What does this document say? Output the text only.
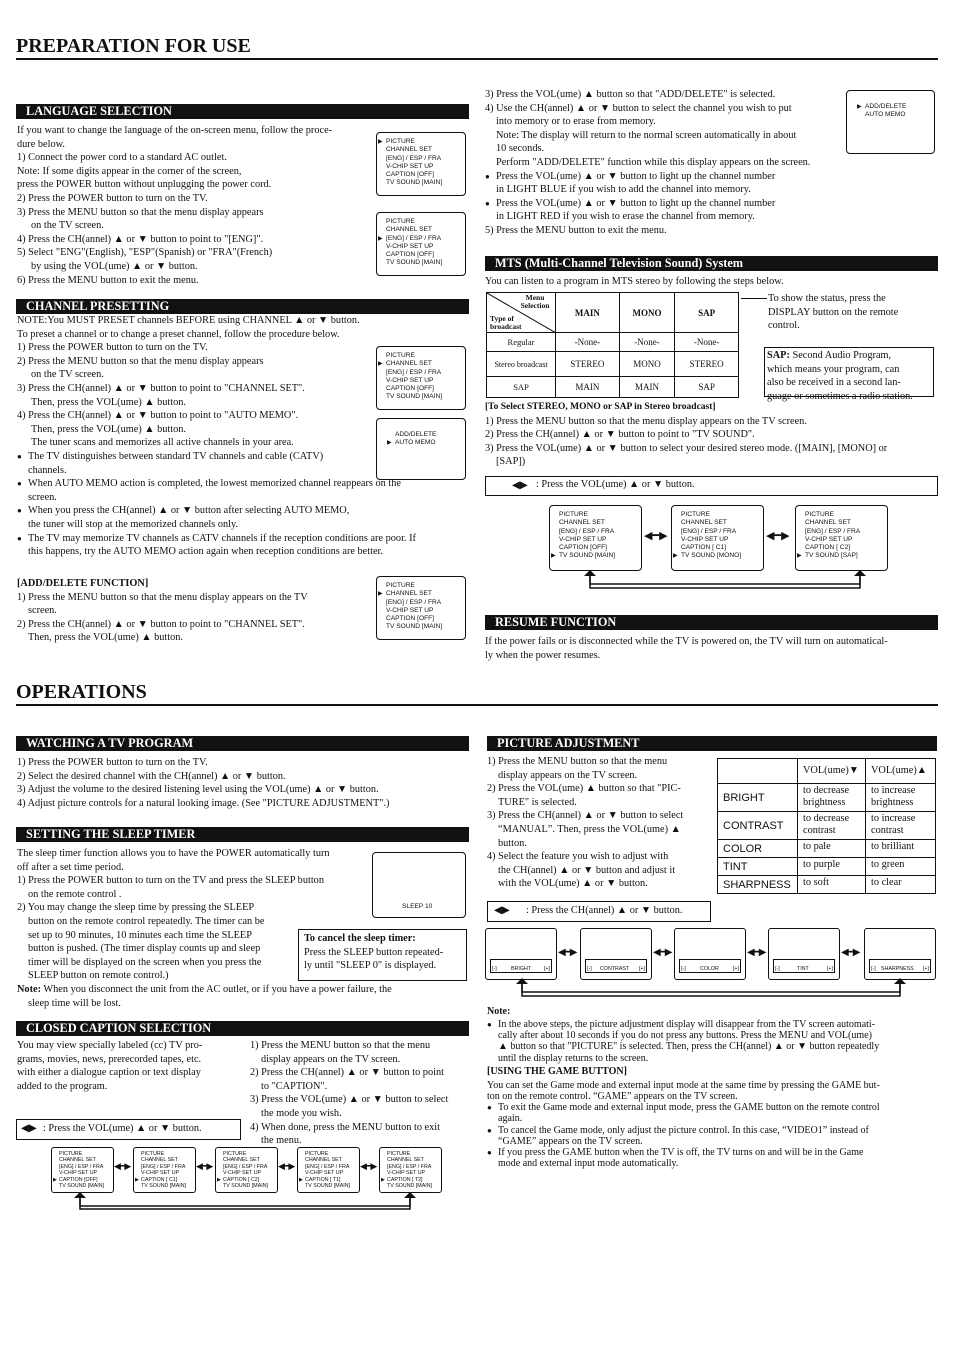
PREPARATION FOR USE
LANGUAGE SELECTION
If you want to change the language of the on-screen menu, follow the proce-
dure below.
1) Connect the power cord to a standard AC outlet.
Note: If some digits appear in the corner of the screen,
press the POWER button without unplugging the power cord.
2) Press the POWER button to turn on the TV.
3) Press the MENU button so that the menu display appears
on the TV screen.
4) Press the CH(annel) ▲ or ▼ button to point to "[ENG]".
5) Select "ENG"(English), "ESP"(Spanish) or "FRA"(French)
by using the VOL(ume) ▲ or ▼ button.
6) Press the MENU button to exit the menu.
▶ PICTURE
CHANNEL SET
[ENG] / ESP / FRA
V-CHIP SET UP
CAPTION [OFF]
TV SOUND [MAIN]
PICTURE
CHANNEL SET
▶ [ENG] / ESP / FRA
V-CHIP SET UP
CAPTION [OFF]
TV SOUND [MAIN]
CHANNEL PRESETTING
NOTE:You MUST PRESET channels BEFORE using CHANNEL ▲ or ▼ button.
To preset a channel or to change a preset channel, follow the procedure below.
1) Press the POWER button to turn on the TV.
2) Press the MENU button so that the menu display appears
on the TV screen.
3) Press the CH(annel) ▲ or ▼ button to point to "CHANNEL SET".
Then, press the VOL(ume) ▲ button.
4) Press the CH(annel) ▲ or ▼ button to point to "AUTO MEMO".
Then, press the VOL(ume) ▲ button.
The tuner scans and memorizes all active channels in your area.
● The TV distinguishes between standard TV channels and cable (CATV)
channels.
● When AUTO MEMO action is completed, the lowest memorized channel reappears on the
screen.
● When you press the CH(annel) ▲ or ▼ button after selecting AUTO MEMO,
the tuner will stop at the memorized channels only.
● The TV may memorize TV channels as CATV channels if the reception conditions are poor. If
this happens, try the AUTO MEMO action again when reception conditions are better.
PICTURE
▶ CHANNEL SET
[ENG] / ESP / FRA
V-CHIP SET UP
CAPTION [OFF]
TV SOUND [MAIN]
ADD/DELETE
▶ AUTO MEMO
[ADD/DELETE FUNCTION]
1) Press the MENU button so that the menu display appears on the TV
screen.
2) Press the CH(annel) ▲ or ▼ button to point to "CHANNEL SET".
Then, press the VOL(ume) ▲ button.
PICTURE
▶ CHANNEL SET
[ENG] / ESP / FRA
V-CHIP SET UP
CAPTION [OFF]
TV SOUND [MAIN]
3) Press the VOL(ume) ▲ button so that "ADD/DELETE" is selected.
4) Use the CH(annel) ▲ or ▼ button to select the channel you wish to put
into memory or to erase from memory.
Note: The display will return to the normal screen automatically in about
10 seconds.
Perform "ADD/DELETE" function while this display appears on the screen.
● Press the VOL(ume) ▲ or ▼ button to light up the channel number
in LIGHT BLUE if you wish to add the channel into memory.
● Press the VOL(ume) ▲ or ▼ button to light up the channel number
in LIGHT RED if you wish to erase the channel from memory.
5) Press the MENU button to exit the menu.
▶ ADD/DELETE
AUTO MEMO
MTS (Multi-Channel Television Sound) System
You can listen to a program in MTS stereo by following the steps below.
Menu Selection
Type of broadcast	MAIN	MONO	SAP
Regular	-None-	-None-	-None-
Stereo broadcast	STEREO	MONO	STEREO
SAP	MAIN	MAIN	SAP
To show the status, press the
DISPLAY button on the remote
control.
SAP: Second Audio Program,
which means your program, can
also be received in a second lan-
guage or sometimes a radio station.
[To Select STEREO, MONO or SAP in Stereo broadcast]
1) Press the MENU button so that the menu display appears on the TV screen.
2) Press the CH(annel) ▲ or ▼ button to point to "TV SOUND".
3) Press the VOL(ume) ▲ or ▼ button to select your desired stereo mode. ([MAIN], [MONO] or
[SAP])
◀▶ : Press the VOL(ume) ▲ or ▼ button.
PICTURE
CHANNEL SET
[ENG] / ESP / FRA
V-CHIP SET UP
CAPTION [OFF]
▶ TV SOUND [MAIN]
◀━▶
PICTURE
CHANNEL SET
[ENG] / ESP / FRA
V-CHIP SET UP
CAPTION [ C1]
▶ TV SOUND [MONO]
◀━▶
PICTURE
CHANNEL SET
[ENG] / ESP / FRA
V-CHIP SET UP
CAPTION [ C2]
▶ TV SOUND [SAP]
RESUME FUNCTION
If the power fails or is disconnected while the TV is powered on, the TV will turn on automatical-
ly when the power resumes.
OPERATIONS
WATCHING A TV PROGRAM
1) Press the POWER button to turn on the TV.
2) Select the desired channel with the CH(annel) ▲ or ▼ button.
3) Adjust the volume to the desired listening level using the VOL(ume) ▲ or ▼ button.
4) Adjust picture controls for a natural looking image. (See "PICTURE ADJUSTMENT".)
SETTING THE SLEEP TIMER
The sleep timer function allows you to have the POWER automatically turn
off after a set time period.
1) Press the POWER button to turn on the TV and press the SLEEP button
on the remote control .
2) You may change the sleep time by pressing the SLEEP
button on the remote control repeatedly. The timer can be
set up to 90 minutes, 10 minutes each time the SLEEP
button is pushed. (The timer display counts up and sleep
timer will be displayed on the screen when you press the
SLEEP button on remote control.)
Note: When you disconnect the unit from the AC outlet, or if you have a power failure, the
sleep time will be lost.
SLEEP 10
To cancel the sleep timer:
Press the SLEEP button repeated-
ly until "SLEEP 0" is displayed.
CLOSED CAPTION SELECTION
You may view specially labeled (cc) TV pro-
grams, movies, news, prerecorded tapes, etc.
with either a dialogue caption or text display
added to the program.
1) Press the MENU button so that the menu
display appears on the TV screen.
2) Press the CH(annel) ▲ or ▼ button to point
to "CAPTION".
3) Press the VOL(ume) ▲ or ▼ button to select
the mode you wish.
4) When done, press the MENU button to exit
the menu.
◀▶ : Press the VOL(ume) ▲ or ▼ button.
PICTURE
CHANNEL SET
[ENG] / ESP / FRA
V-CHIP SET UP
▶ CAPTION [OFF]
TV SOUND [MAIN]
◀━▶
PICTURE
CHANNEL SET
[ENG] / ESP / FRA
V-CHIP SET UP
▶ CAPTION [ C1]
TV SOUND [MAIN]
◀━▶
PICTURE
CHANNEL SET
[ENG] / ESP / FRA
V-CHIP SET UP
▶ CAPTION [ C2]
TV SOUND [MAIN]
◀━▶
PICTURE
CHANNEL SET
[ENG] / ESP / FRA
V-CHIP SET UP
▶ CAPTION [ T1]
TV SOUND [MAIN]
◀━▶
PICTURE
CHANNEL SET
[ENG] / ESP / FRA
V-CHIP SET UP
▶ CAPTION [ T2]
TV SOUND [MAIN]
PICTURE ADJUSTMENT
1) Press the MENU button so that the menu
display appears on the TV screen.
2) Press the VOL(ume) ▲ button so that "PIC-
TURE" is selected.
3) Press the CH(annel) ▲ or ▼ button to select
“MANUAL”. Then, press the VOL(ume) ▲
button.
4) Select the feature you wish to adjust with
the CH(annel) ▲ or ▼ button and adjust it
with the VOL(ume) ▲ or ▼ button.
	VOL(ume)▼	VOL(ume)▲
BRIGHT	to decrease brightness	to increase brightness
CONTRAST	to decrease contrast	to increase contrast
COLOR	to pale	to brilliant
TINT	to purple	to green
SHARPNESS	to soft	to clear
◀▶ : Press the CH(annel) ▲ or ▼ button.
[-]	BRIGHT [+]
◀━▶
[-] CONTRAST [+]
◀━▶
[-]	COLOR	[+]
◀━▶
[-]	TINT	[+]
◀━▶
[-] SHARPNESS [+]
Note:
● In the above steps, the picture adjustment display will disappear from the TV screen automati-
cally after about 10 seconds if you do not press any buttons. Press the MENU and VOL(ume)
▲ button so that "PICTURE" is selected. Then, press the CH(annel) ▲ or ▼ button repeatedly
until the display returns to the screen.
[USING THE GAME BUTTON]
You can set the Game mode and external input mode at the same time by pressing the GAME but-
ton on the remote control. “GAME” appears on the TV screen.
● To exit the Game mode and external input mode, press the GAME button on the remote control
again.
● To cancel the Game mode, only adjust the picture control. In this case, “VIDEO1” instead of
“GAME” appears on the TV screen.
● If you press the GAME button when the TV is off, the TV turns on and will be in the Game
mode and external input mode automatically.
